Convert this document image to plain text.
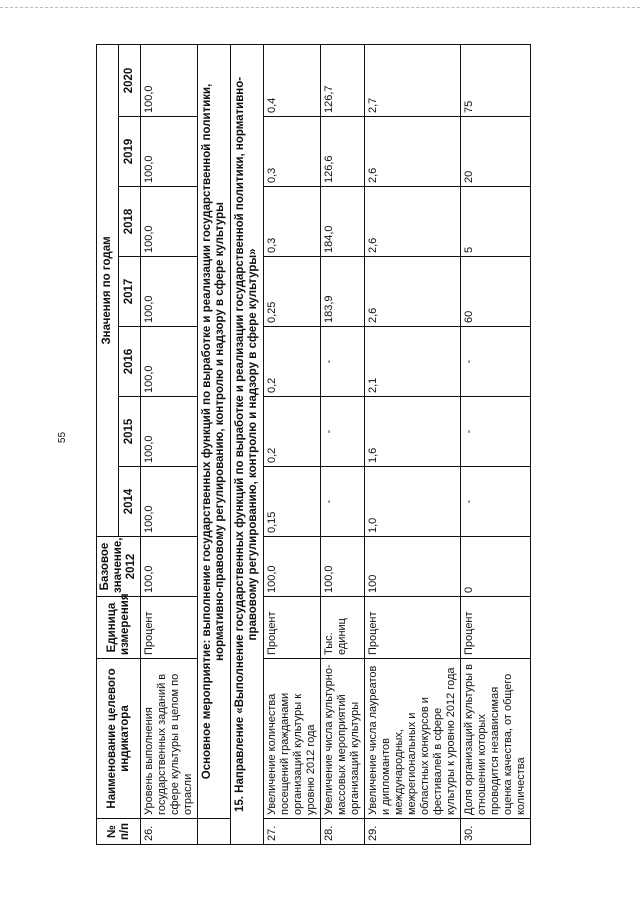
55
№ п/п	Наименование целевого индикатора	Единица измерения	Базовое значение, 2012	Значения по годам						
				2014	2015	2016	2017	2018	2019	2020
26.	Уровень выполнения государственных заданий в сфере культуры в целом по отрасли	Процент	100,0	100,0	100,0	100,0	100,0	100,0	100,0	100,0
	Основное мероприятие: выполнение государственных функций по выработке и реализации государственной политики, нормативно-правовому регулированию, контролю и надзору в сфере культуры									
15. Направление «Выполнение государственных функций по выработке и реализации государственной политики, нормативно-правовому регулированию, контролю и надзору в сфере культуры»										
27.	Увеличение количества посещений гражданами организаций культуры к уровню 2012 года	Процент	100,0	0,15	0,2	0,2	0,25	0,3	0,3	0,4
28.	Увеличение числа культурно-массовых мероприятий организаций культуры	Тыс. единиц	100,0	-	-	-	183,9	184,0	126,6	126,7
29.	Увеличение числа лауреатов и дипломантов международных, межрегиональных и областных конкурсов и фестивалей в сфере культуры к уровню 2012 года	Процент	100	1,0	1,6	2,1	2,6	2,6	2,6	2,7
30.	Доля организаций культуры в отношении которых проводится независимая оценка качества, от общего количества	Процент	0	-	-	-	60	5	20	75
